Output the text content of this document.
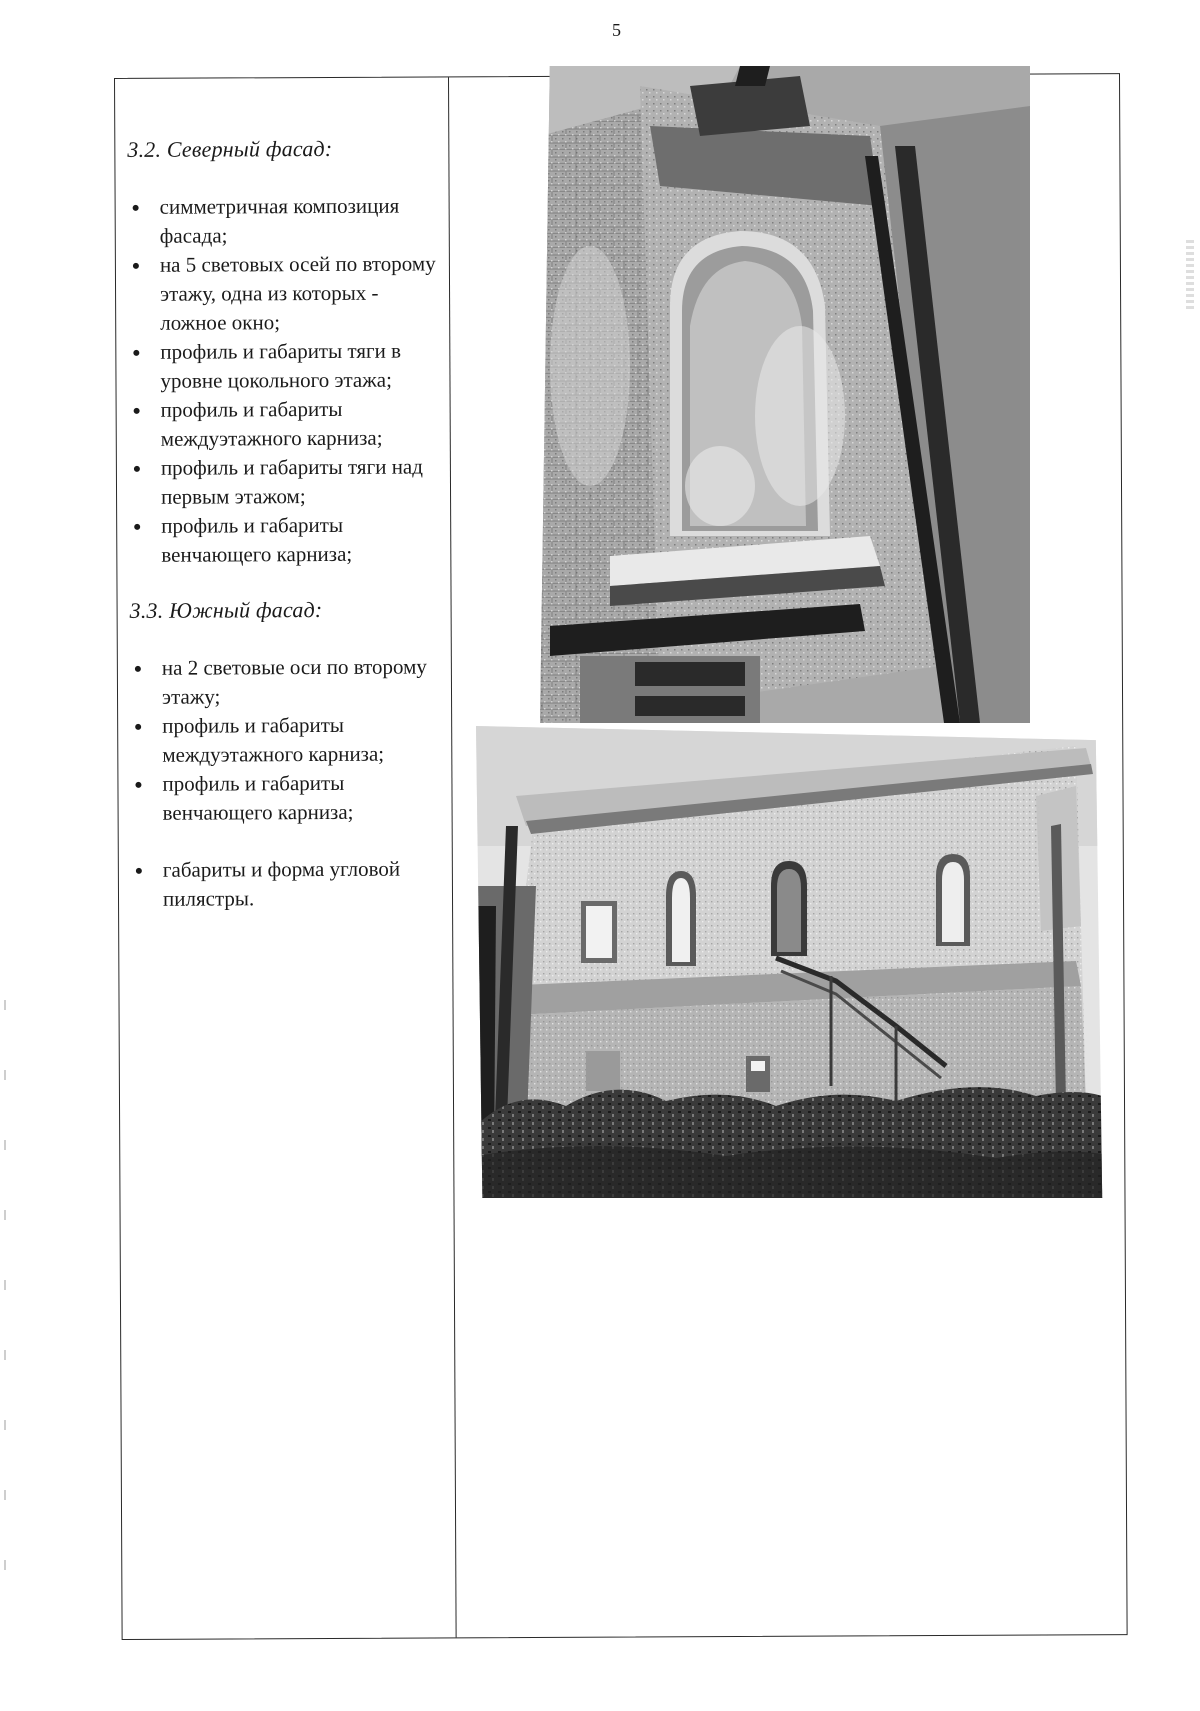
5
3.2. Северный фасад:
симметричная композиция фасада;
на 5 световых осей по второму этажу, одна из которых - ложное окно;
профиль и габариты тяги в уровне цокольного этажа;
профиль и габариты междуэтажного карниза;
профиль и габариты тяги над первым этажом;
профиль и габариты венчающего карниза;
3.3. Южный фасад:
на 2 световые оси по второму этажу;
профиль и габариты междуэтажного карниза;
профиль и габариты венчающего карниза;
габариты и форма угловой пилястры.
